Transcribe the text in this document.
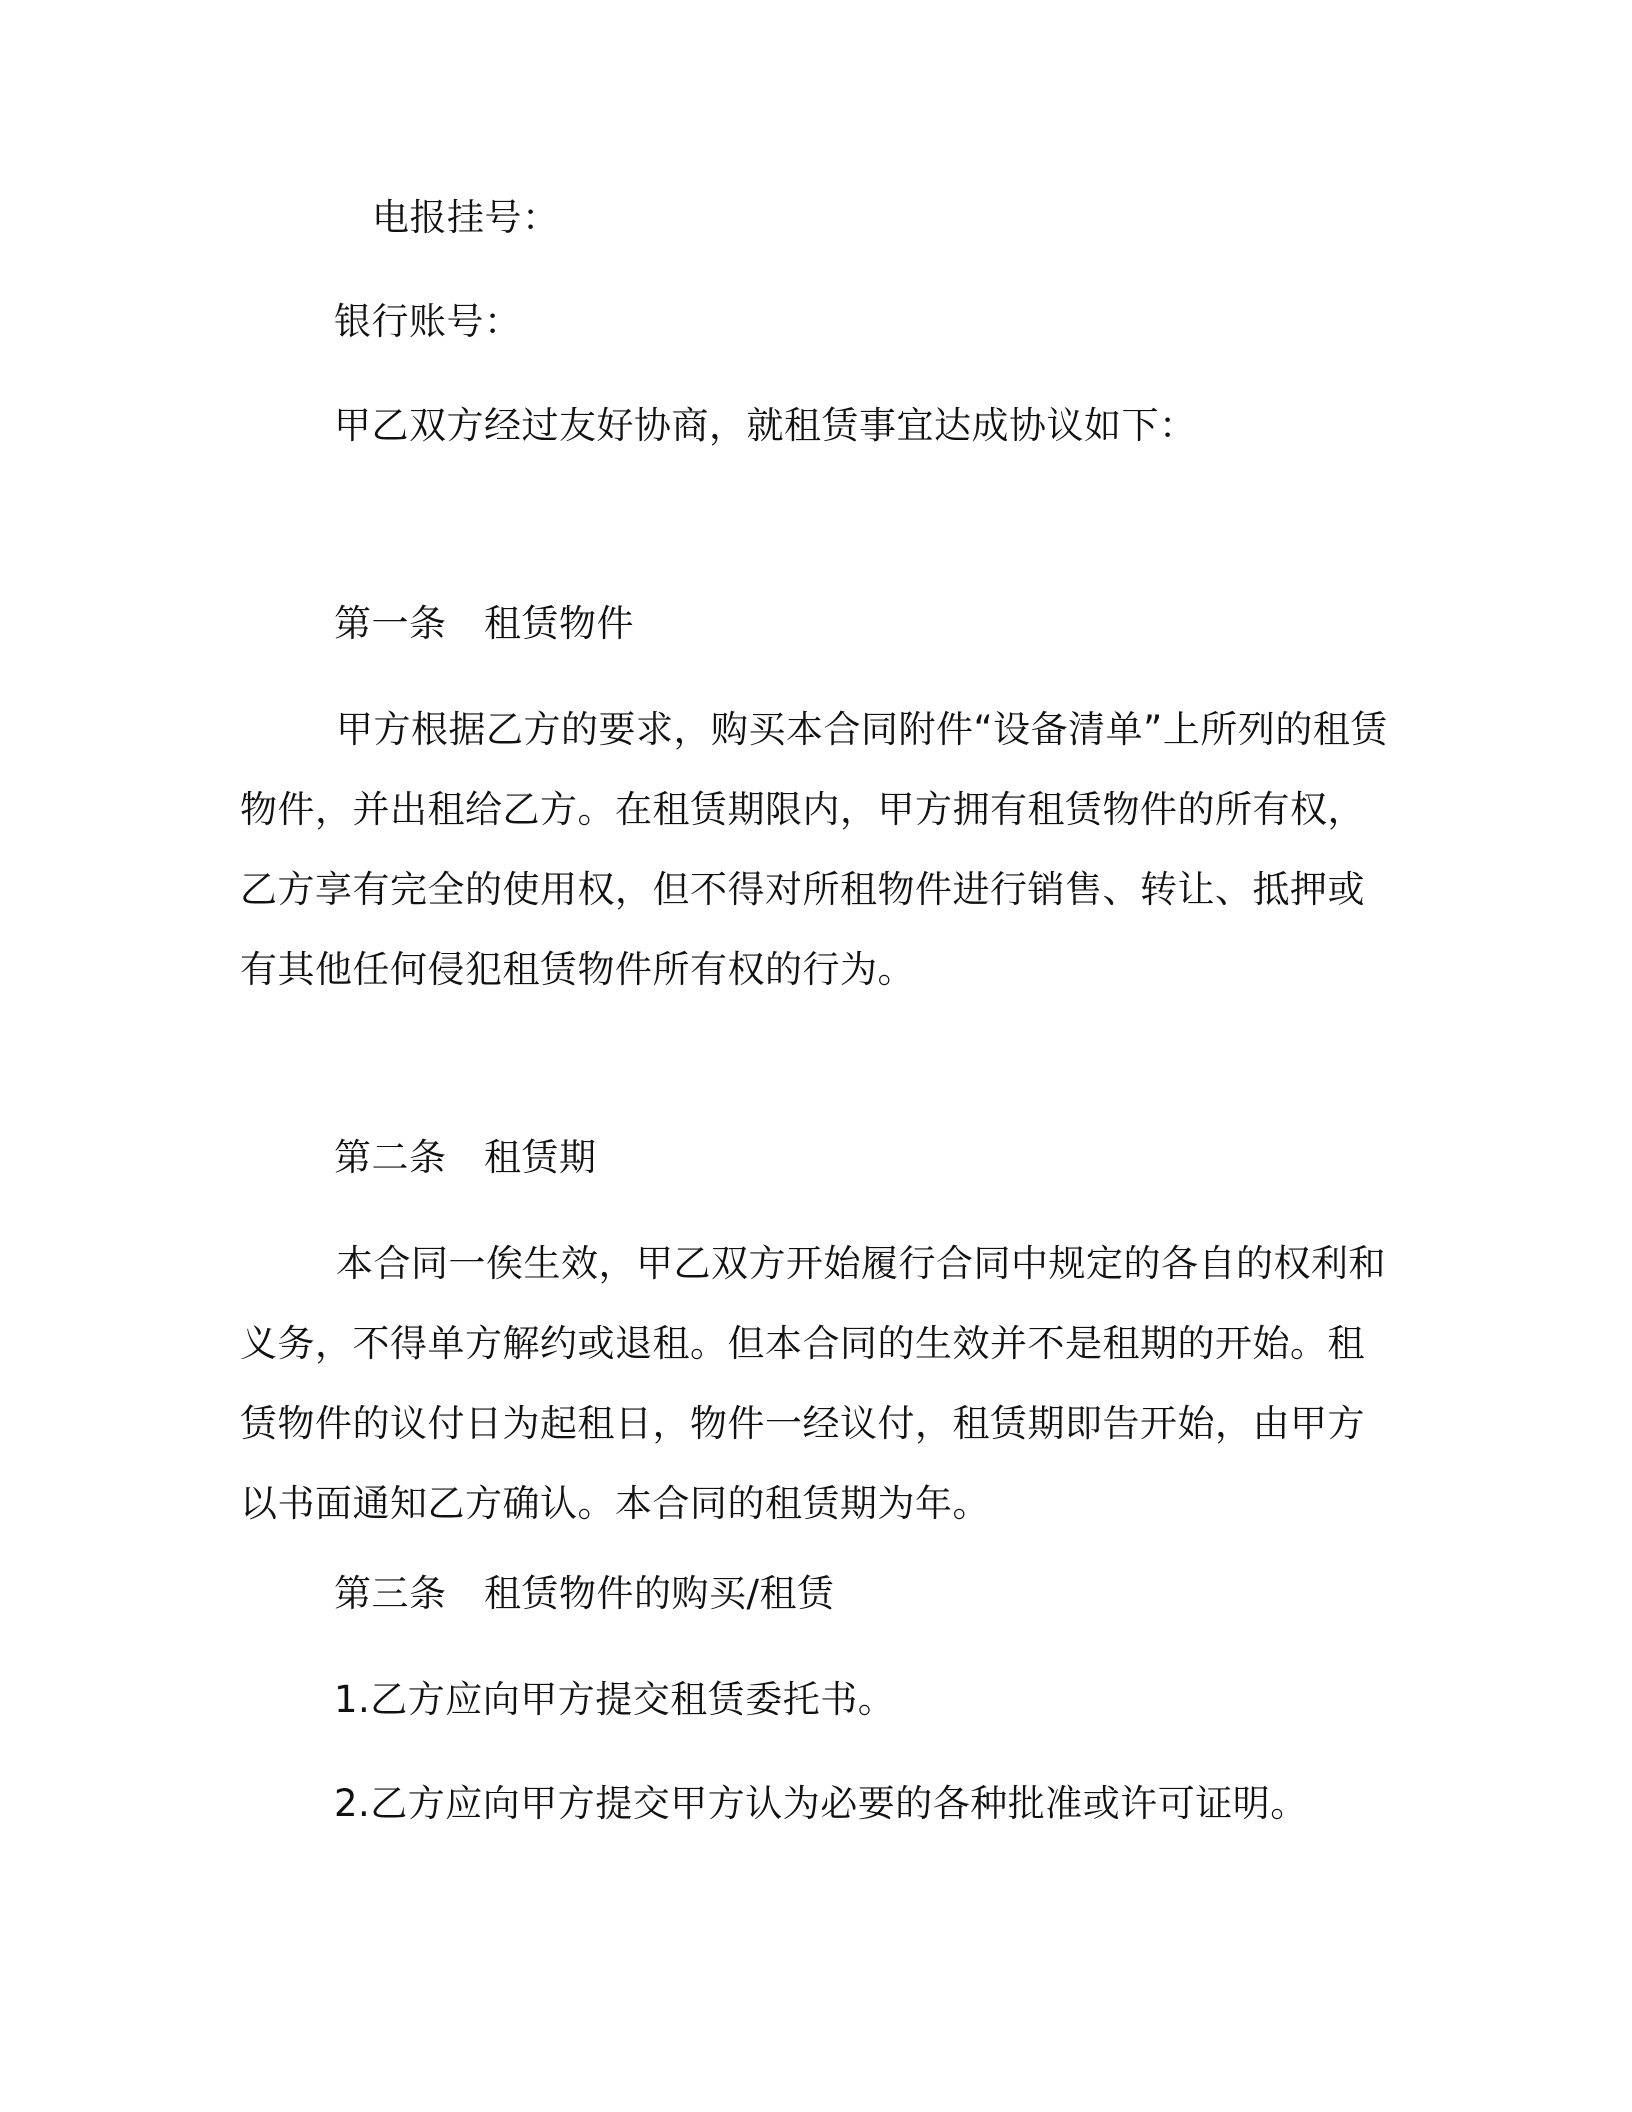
电报挂号：
银行账号：
甲乙双方经过友好协商，就租赁事宜达成协议如下：
第一条　租赁物件

甲方根据乙方的要求，购买本合同附件“设备清单”上所列的租赁物件，并出租给乙方。在租赁期限内，甲方拥有租赁物件的所有权，乙方享有完全的使用权，但不得对所租物件进行销售、转让、抵押或有其他任何侵犯租赁物件所有权的行为。

第二条　租赁期

本合同一俟生效，甲乙双方开始履行合同中规定的各自的权利和义务，不得单方解约或退租。但本合同的生效并不是租期的开始。租赁物件的议付日为起租日，物件一经议付，租赁期即告开始，由甲方以书面通知乙方确认。本合同的租赁期为年。

第三条　租赁物件的购买/租赁
1.乙方应向甲方提交租赁委托书。
2.乙方应向甲方提交甲方认为必要的各种批准或许可证明。
